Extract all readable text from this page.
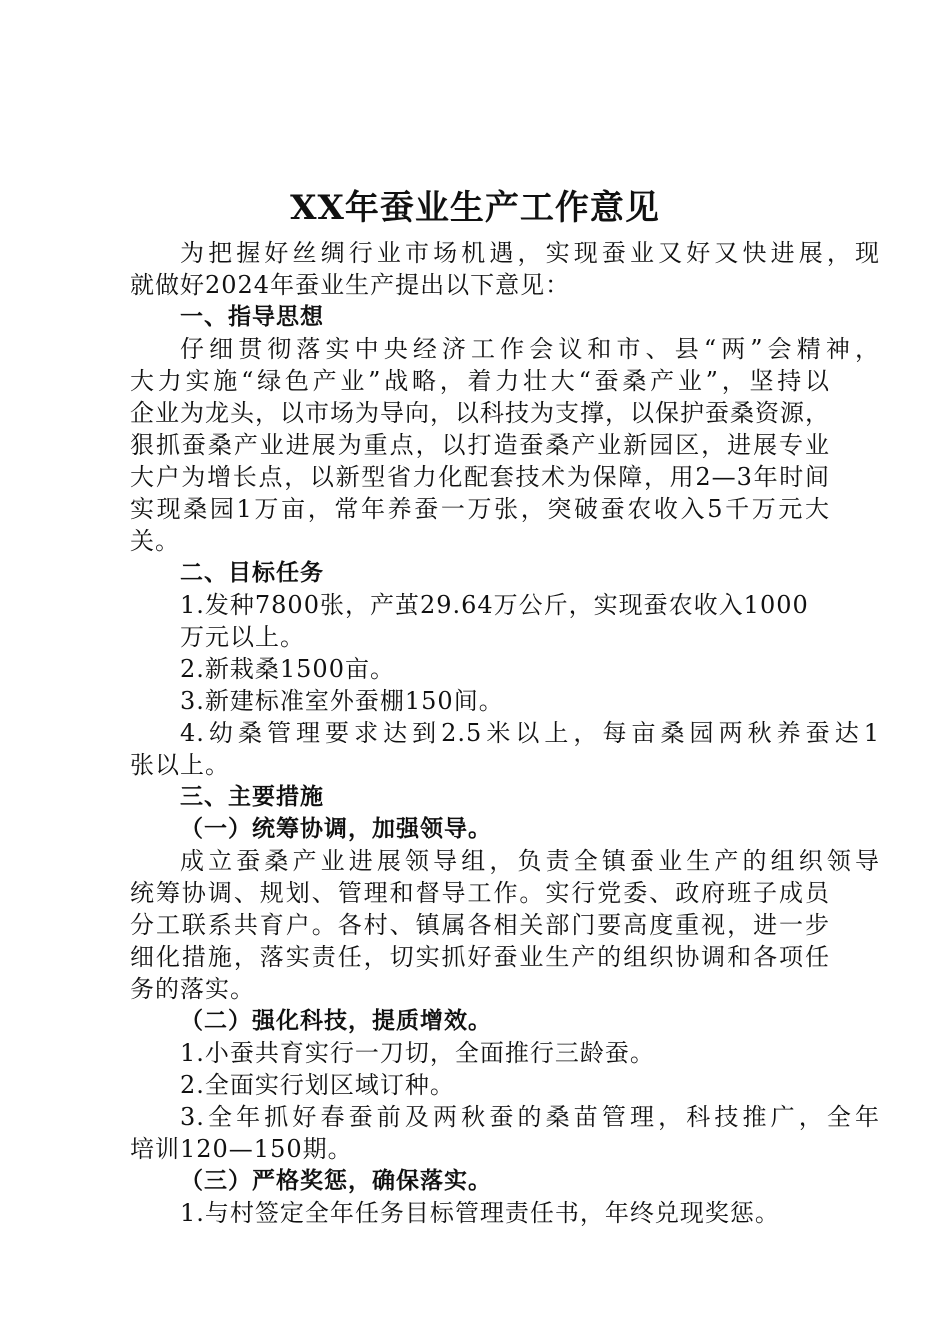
XX年蚕业生产工作意见
为把握好丝绸行业市场机遇，实现蚕业又好又快进展，现
就做好2024年蚕业生产提出以下意见：
一、指导思想
仔细贯彻落实中央经济工作会议和市、县“两”会精神，
大力实施“绿色产业”战略，着力壮大“蚕桑产业”，坚持以
企业为龙头，以市场为导向，以科技为支撑，以保护蚕桑资源，
狠抓蚕桑产业进展为重点，以打造蚕桑产业新园区，进展专业
大户为增长点，以新型省力化配套技术为保障，用2—3年时间
实现桑园1万亩，常年养蚕一万张，突破蚕农收入5千万元大
关。
二、目标任务
1.发种7800张，产茧29.64万公斤，实现蚕农收入1000
万元以上。
2.新栽桑1500亩。
3.新建标准室外蚕棚150间。
4.幼桑管理要求达到2.5米以上，每亩桑园两秋养蚕达1
张以上。
三、主要措施
（一）统筹协调，加强领导。
成立蚕桑产业进展领导组，负责全镇蚕业生产的组织领导
统筹协调、规划、管理和督导工作。实行党委、政府班子成员
分工联系共育户。各村、镇属各相关部门要高度重视，进一步
细化措施，落实责任，切实抓好蚕业生产的组织协调和各项任
务的落实。
（二）强化科技，提质增效。
1.小蚕共育实行一刀切，全面推行三龄蚕。
2.全面实行划区域订种。
3.全年抓好春蚕前及两秋蚕的桑苗管理，科技推广，全年
培训120—150期。
（三）严格奖惩，确保落实。
1.与村签定全年任务目标管理责任书，年终兑现奖惩。
